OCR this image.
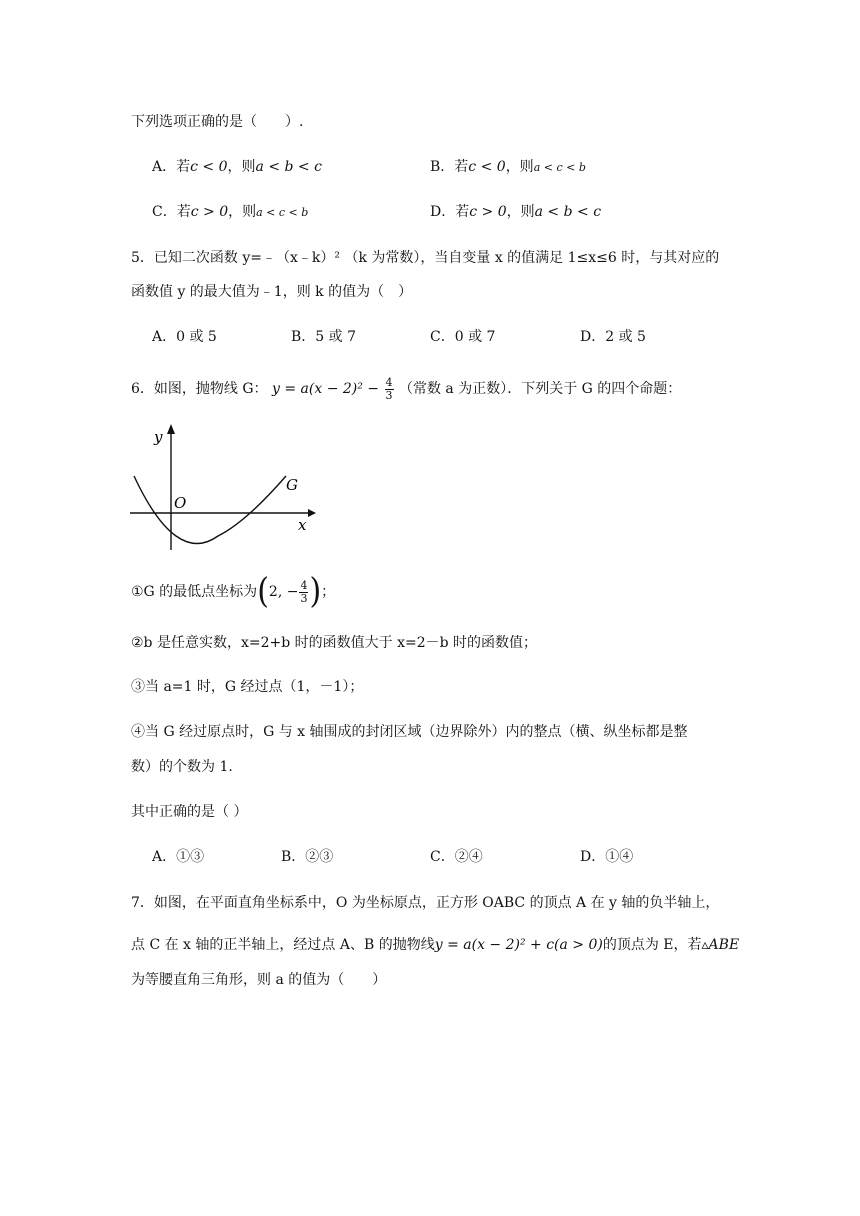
下列选项正确的是（　　）.
A．若c < 0，则a < b < c	B．若c < 0，则a < c < b
C．若c > 0，则a < c < b	D．若c > 0，则a < b < c
5．已知二次函数 y=﹣（x﹣k）² （k 为常数），当自变量 x 的值满足 1≤x≤6 时，与其对应的
函数值 y 的最大值为﹣1，则 k 的值为（　）
A．0 或 5	B．5 或 7	C．0 或 7	D．2 或 5
6．如图，抛物线 G： $y = a(x - 2)^2 - \frac{4}{3}$ （常数 a 为正数）．下列关于 G 的四个命题：
y
x
O
G
①G 的最低点坐标为(2, − $\frac{4}{3}$ )；
②b 是任意实数，x=2+b 时的函数值大于 x=2－b 时的函数值；
③当 a=1 时，G 经过点（1，－1）；
④当 G 经过原点时，G 与 x 轴围成的封闭区域（边界除外）内的整点（横、纵坐标都是整
数）的个数为 1.
其中正确的是（ ）
A．①③	B．②③	C．②④	D．①④
7．如图，在平面直角坐标系中，O 为坐标原点，正方形 OABC 的顶点 A 在 y 轴的负半轴上，
点 C 在 x 轴的正半轴上，经过点 A、B 的抛物线y = a(x − 2)² + c(a > 0)的顶点为 E，若▵ABE
为等腰直角三角形，则 a 的值为（　　）
